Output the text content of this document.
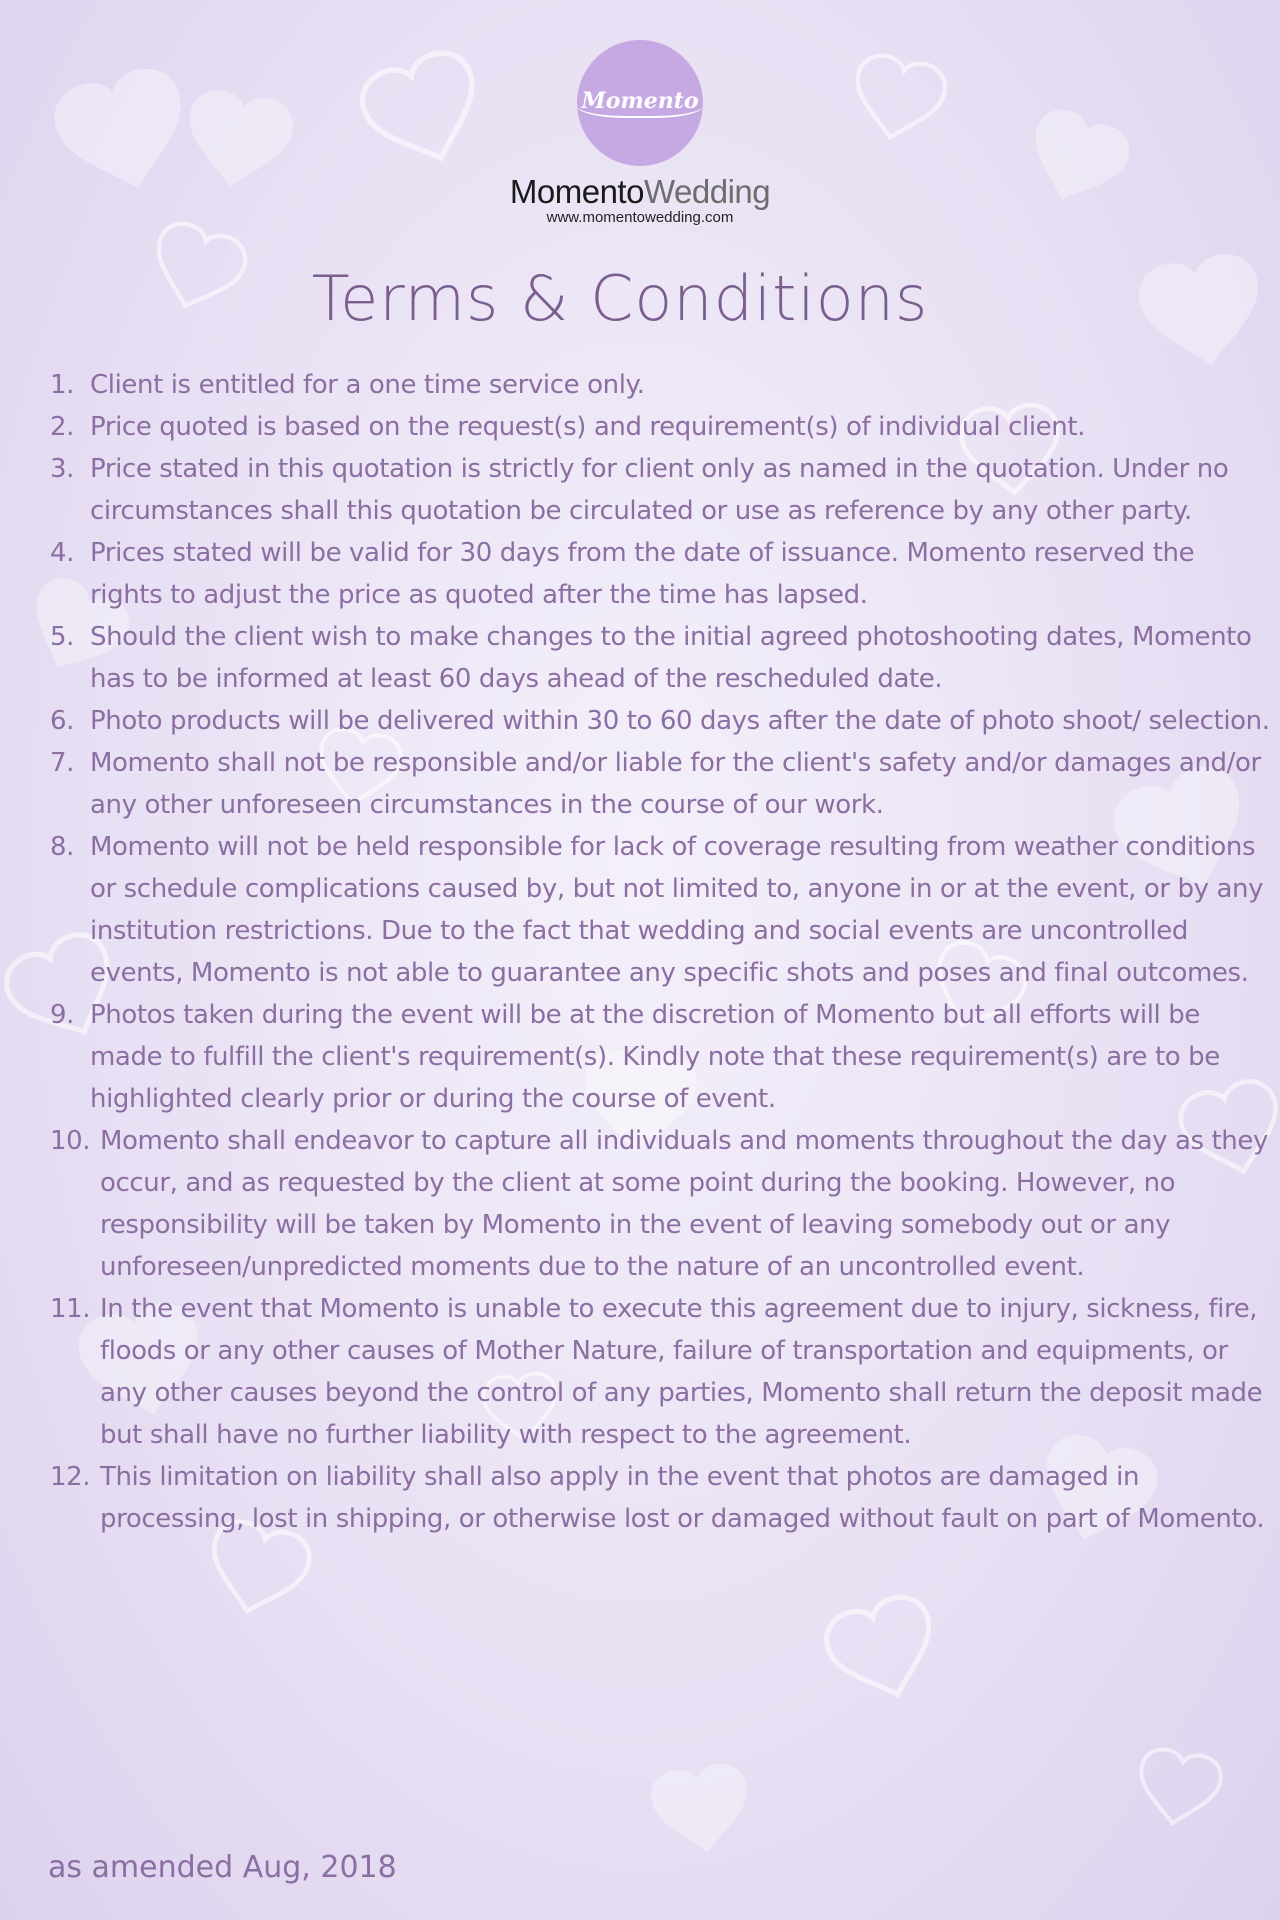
Momento
MomentoWedding
www.momentowedding.com
Terms & Conditions
1. Client is entitled for a one time service only.
2. Price quoted is based on the request(s) and requirement(s) of individual client.
3. Price stated in this quotation is strictly for client only as named in the quotation. Under no circumstances shall this quotation be circulated or use as reference by any other party.
4. Prices stated will be valid for 30 days from the date of issuance. Momento reserved the rights to adjust the price as quoted after the time has lapsed.
5. Should the client wish to make changes to the initial agreed photoshooting dates, Momento has to be informed at least 60 days ahead of the rescheduled date.
6. Photo products will be delivered within 30 to 60 days after the date of photo shoot/ selection.
7. Momento shall not be responsible and/or liable for the client's safety and/or damages and/or any other unforeseen circumstances in the course of our work.
8. Momento will not be held responsible for lack of coverage resulting from weather conditions or schedule complications caused by, but not limited to, anyone in or at the event, or by any institution restrictions. Due to the fact that wedding and social events are uncontrolled events, Momento is not able to guarantee any specific shots and poses and final outcomes.
9. Photos taken during the event will be at the discretion of Momento but all efforts will be made to fulfill the client's requirement(s). Kindly note that these requirement(s) are to be highlighted clearly prior or during the course of event.
10. Momento shall endeavor to capture all individuals and moments throughout the day as they occur, and as requested by the client at some point during the booking. However, no responsibility will be taken by Momento in the event of leaving somebody out or any unforeseen/unpredicted moments due to the nature of an uncontrolled event.
11. In the event that Momento is unable to execute this agreement due to injury, sickness, fire, floods or any other causes of Mother Nature, failure of transportation and equipments, or any other causes beyond the control of any parties, Momento shall return the deposit made but shall have no further liability with respect to the agreement.
12. This limitation on liability shall also apply in the event that photos are damaged in processing, lost in shipping, or otherwise lost or damaged without fault on part of Momento.
as amended Aug, 2018
